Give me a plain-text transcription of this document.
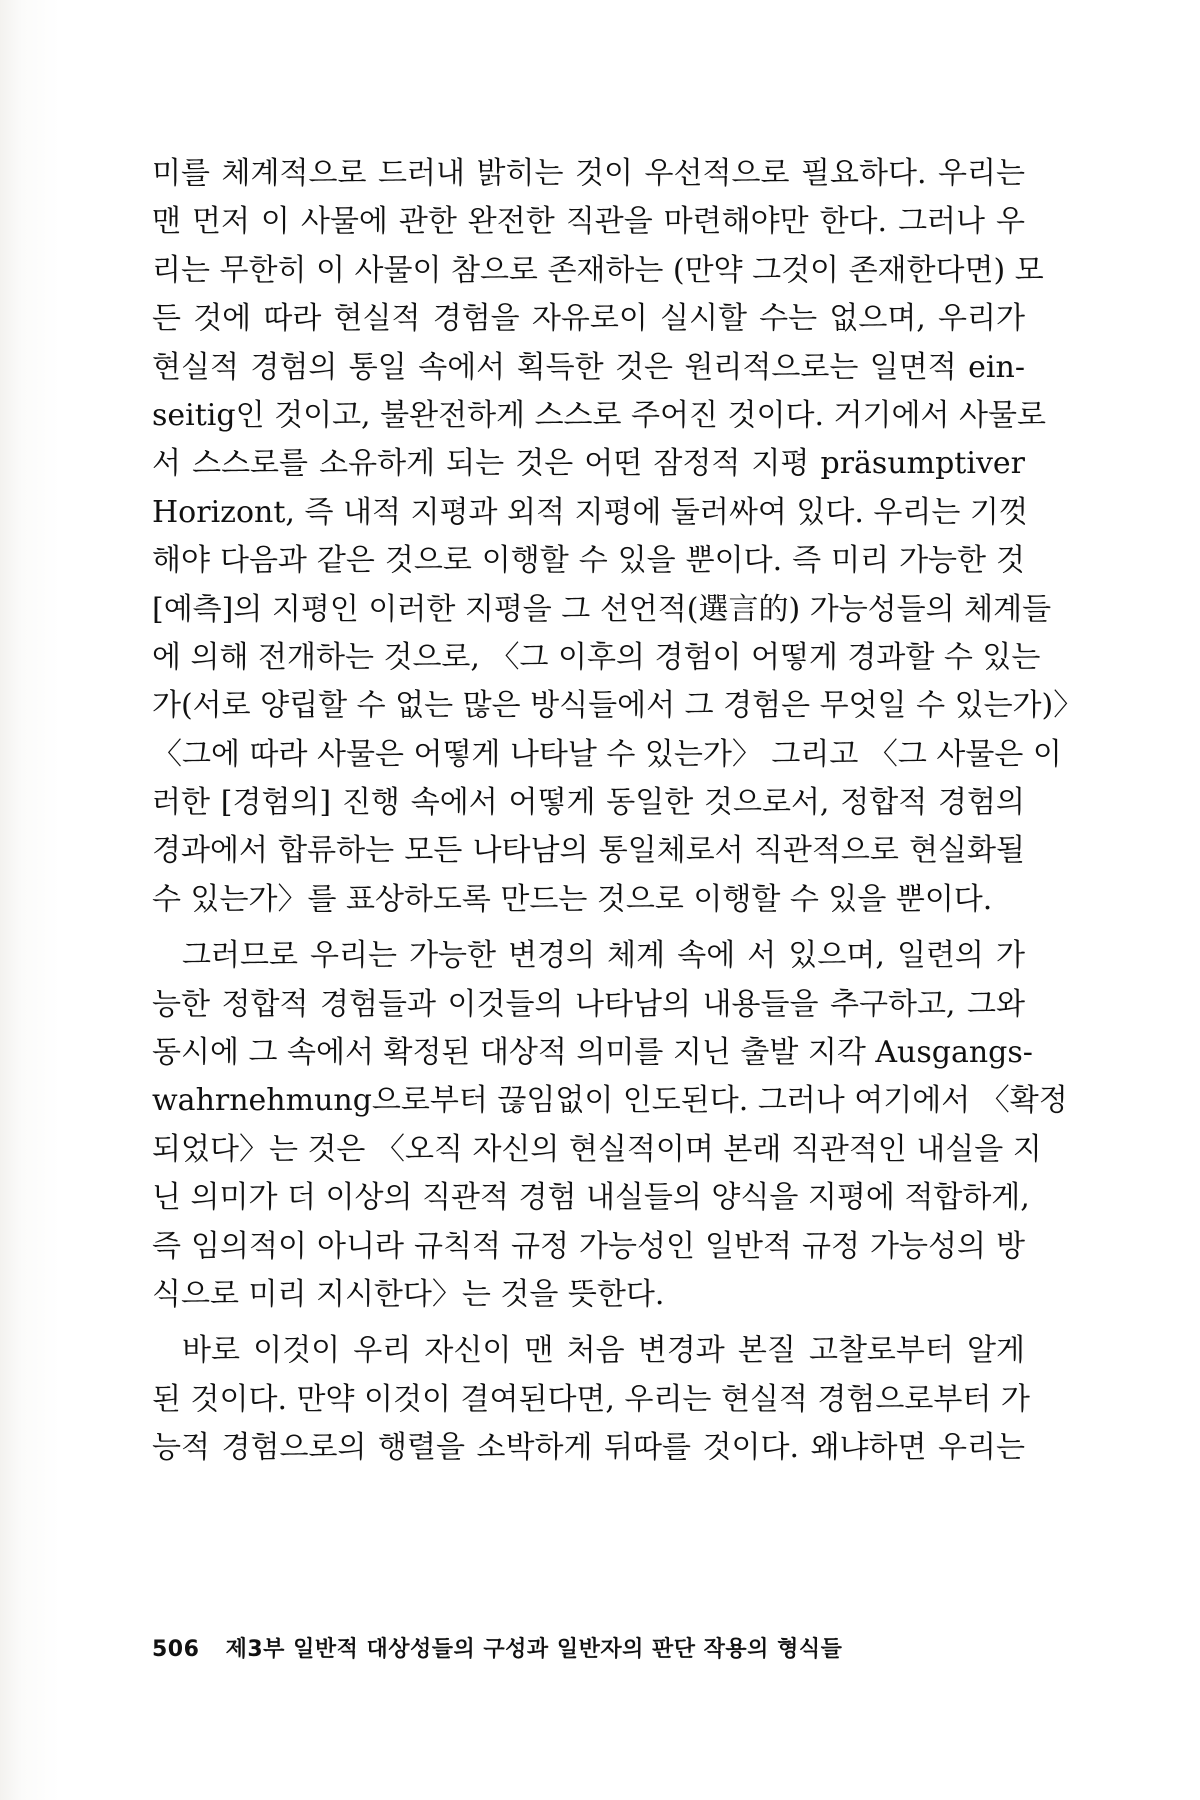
미를 체계적으로 드러내 밝히는 것이 우선적으로 필요하다. 우리는
맨 먼저 이 사물에 관한 완전한 직관을 마련해야만 한다. 그러나 우
리는 무한히 이 사물이 참으로 존재하는 (만약 그것이 존재한다면) 모
든 것에 따라 현실적 경험을 자유로이 실시할 수는 없으며, 우리가
현실적 경험의 통일 속에서 획득한 것은 원리적으로는 일면적 ein-
seitig인 것이고, 불완전하게 스스로 주어진 것이다. 거기에서 사물로
서 스스로를 소유하게 되는 것은 어떤 잠정적 지평 präsumptiver
Horizont, 즉 내적 지평과 외적 지평에 둘러싸여 있다. 우리는 기껏
해야 다음과 같은 것으로 이행할 수 있을 뿐이다. 즉 미리 가능한 것
[예측]의 지평인 이러한 지평을 그 선언적(選言的) 가능성들의 체계들
에 의해 전개하는 것으로, 〈그 이후의 경험이 어떻게 경과할 수 있는
가(서로 양립할 수 없는 많은 방식들에서 그 경험은 무엇일 수 있는가)〉
〈그에 따라 사물은 어떻게 나타날 수 있는가〉 그리고 〈그 사물은 이
러한 [경험의] 진행 속에서 어떻게 동일한 것으로서, 정합적 경험의
경과에서 합류하는 모든 나타남의 통일체로서 직관적으로 현실화될
수 있는가〉를 표상하도록 만드는 것으로 이행할 수 있을 뿐이다.
그러므로 우리는 가능한 변경의 체계 속에 서 있으며, 일련의 가
능한 정합적 경험들과 이것들의 나타남의 내용들을 추구하고, 그와
동시에 그 속에서 확정된 대상적 의미를 지닌 출발 지각 Ausgangs-
wahrnehmung으로부터 끊임없이 인도된다. 그러나 여기에서 〈확정
되었다〉는 것은 〈오직 자신의 현실적이며 본래 직관적인 내실을 지
닌 의미가 더 이상의 직관적 경험 내실들의 양식을 지평에 적합하게,
즉 임의적이 아니라 규칙적 규정 가능성인 일반적 규정 가능성의 방
식으로 미리 지시한다〉는 것을 뜻한다.
바로 이것이 우리 자신이 맨 처음 변경과 본질 고찰로부터 알게
된 것이다. 만약 이것이 결여된다면, 우리는 현실적 경험으로부터 가
능적 경험으로의 행렬을 소박하게 뒤따를 것이다. 왜냐하면 우리는
506 제3부 일반적 대상성들의 구성과 일반자의 판단 작용의 형식들
